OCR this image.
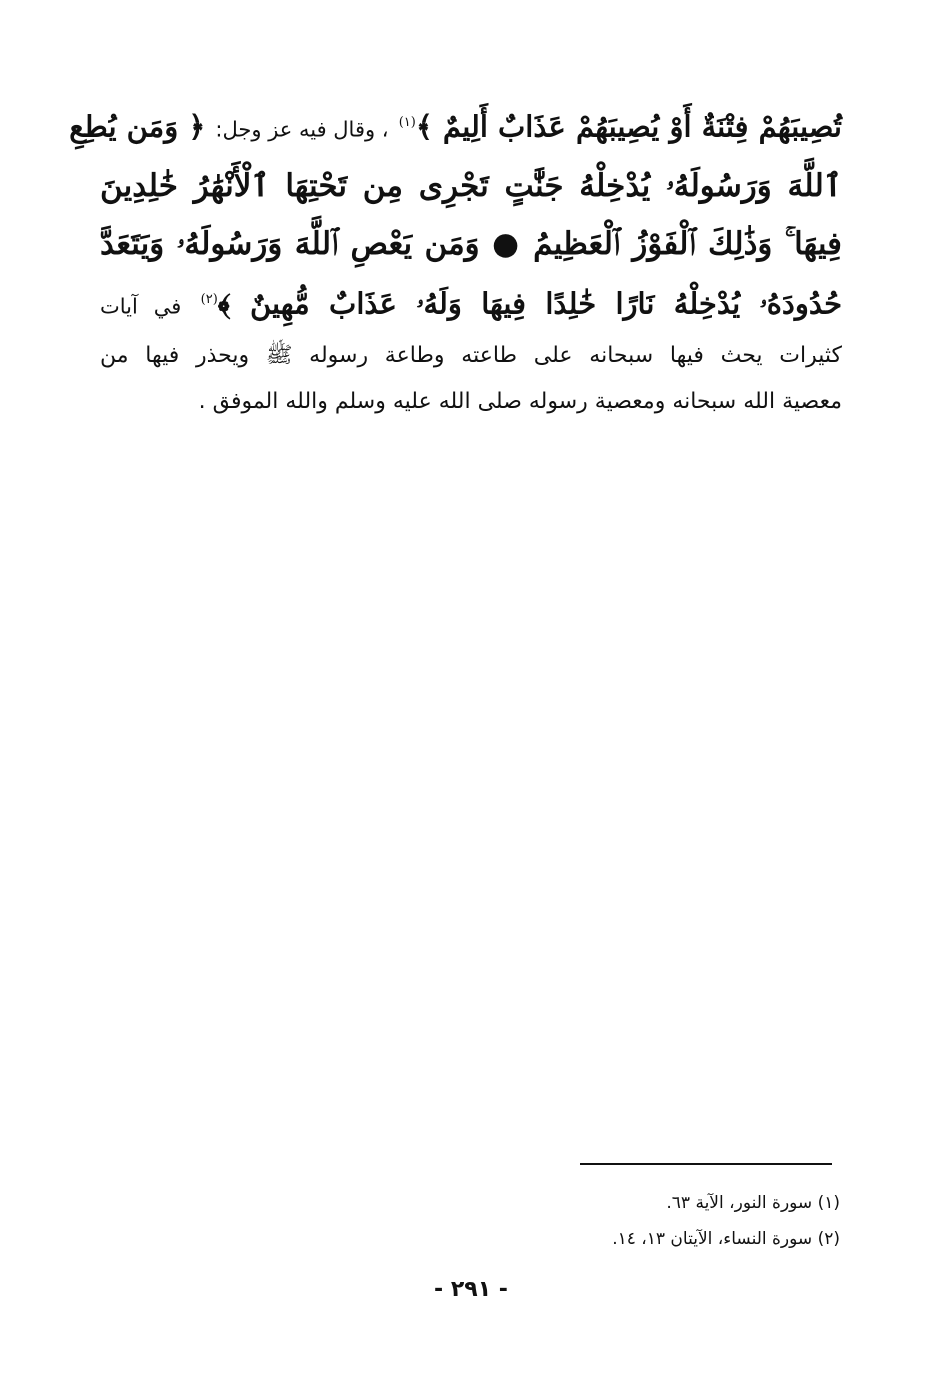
تُصِيبَهُمْ فِتْنَةٌ أَوْ يُصِيبَهُمْ عَذَابٌ أَلِيمٌ ﴾$^{(١)}$ ، وقال فيه عز وجل: ﴿ وَمَن يُطِعِ
ٱللَّهَ وَرَسُولَهُۥ يُدْخِلْهُ جَنَّٰتٍ تَجْرِى مِن تَحْتِهَا ٱلْأَنْهَٰرُ خَٰلِدِينَ
فِيهَا ۚ وَذَٰلِكَ ٱلْفَوْزُ ٱلْعَظِيمُ ● وَمَن يَعْصِ ٱللَّهَ وَرَسُولَهُۥ وَيَتَعَدَّ
حُدُودَهُۥ يُدْخِلْهُ نَارًا خَٰلِدًا فِيهَا وَلَهُۥ عَذَابٌ مُّهِينٌ ﴾$^{(٢)}$ في آيات
كثيرات يحث فيها سبحانه على طاعته وطاعة رسوله ﷺ ويحذر فيها من
معصية الله سبحانه ومعصية رسوله صلى الله عليه وسلم والله الموفق .
(١) سورة النور، الآية ٦٣.
(٢) سورة النساء، الآيتان ١٣، ١٤.
- ٢٩١ -
